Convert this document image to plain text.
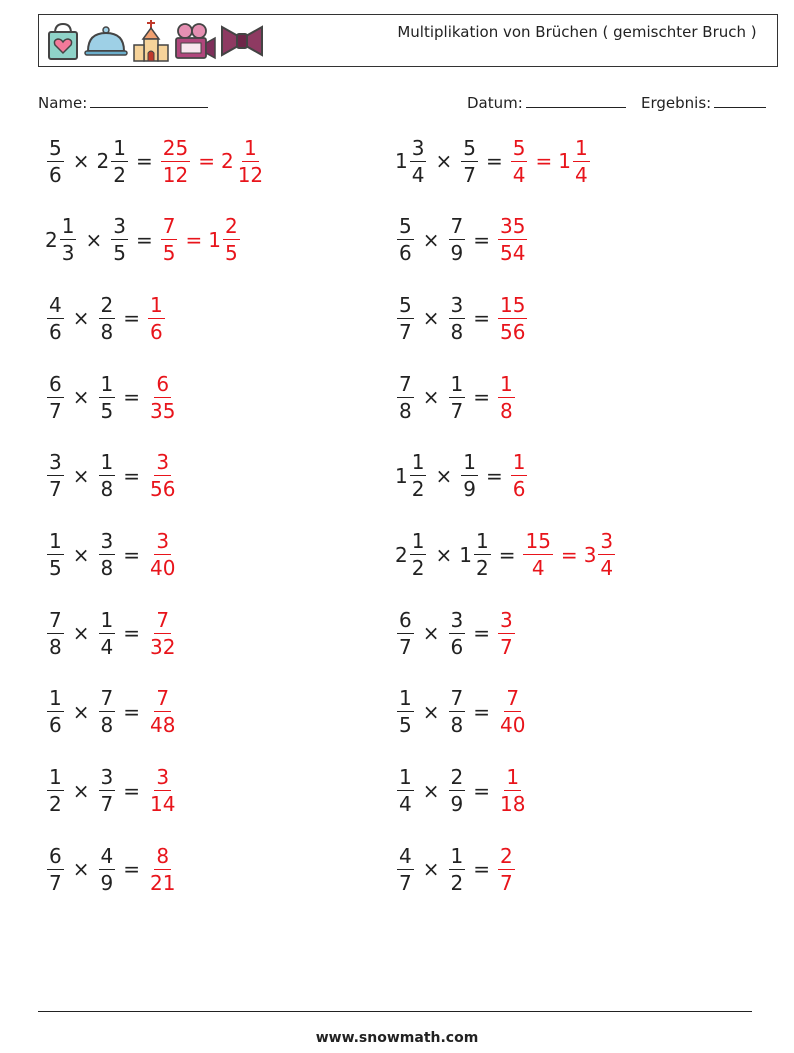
Multiplikation von Brüchen ( gemischter Bruch )
Name:	Datum:	Ergebnis:
$\frac{5}{6} \times 2 \frac{1}{2} = \frac{25}{12} = 2 \frac{1}{12}$	$1 \frac{3}{4} \times \frac{5}{7} = \frac{5}{4} = 1 \frac{1}{4}$
$2 \frac{1}{3} \times \frac{3}{5} = \frac{7}{5} = 1 \frac{2}{5}$	$\frac{5}{6} \times \frac{7}{9} = \frac{35}{54}$
$\frac{4}{6} \times \frac{2}{8} = \frac{1}{6}$	$\frac{5}{7} \times \frac{3}{8} = \frac{15}{56}$
$\frac{6}{7} \times \frac{1}{5} = \frac{6}{35}$	$\frac{7}{8} \times \frac{1}{7} = \frac{1}{8}$
$\frac{3}{7} \times \frac{1}{8} = \frac{3}{56}$	$1 \frac{1}{2} \times \frac{1}{9} = \frac{1}{6}$
$\frac{1}{5} \times \frac{3}{8} = \frac{3}{40}$	$2 \frac{1}{2} \times 1 \frac{1}{2} = \frac{15}{4} = 3 \frac{3}{4}$
$\frac{7}{8} \times \frac{1}{4} = \frac{7}{32}$	$\frac{6}{7} \times \frac{3}{6} = \frac{3}{7}$
$\frac{1}{6} \times \frac{7}{8} = \frac{7}{48}$	$\frac{1}{5} \times \frac{7}{8} = \frac{7}{40}$
$\frac{1}{2} \times \frac{3}{7} = \frac{3}{14}$	$\frac{1}{4} \times \frac{2}{9} = \frac{1}{18}$
$\frac{6}{7} \times \frac{4}{9} = \frac{8}{21}$	$\frac{4}{7} \times \frac{1}{2} = \frac{2}{7}$
www.snowmath.com
